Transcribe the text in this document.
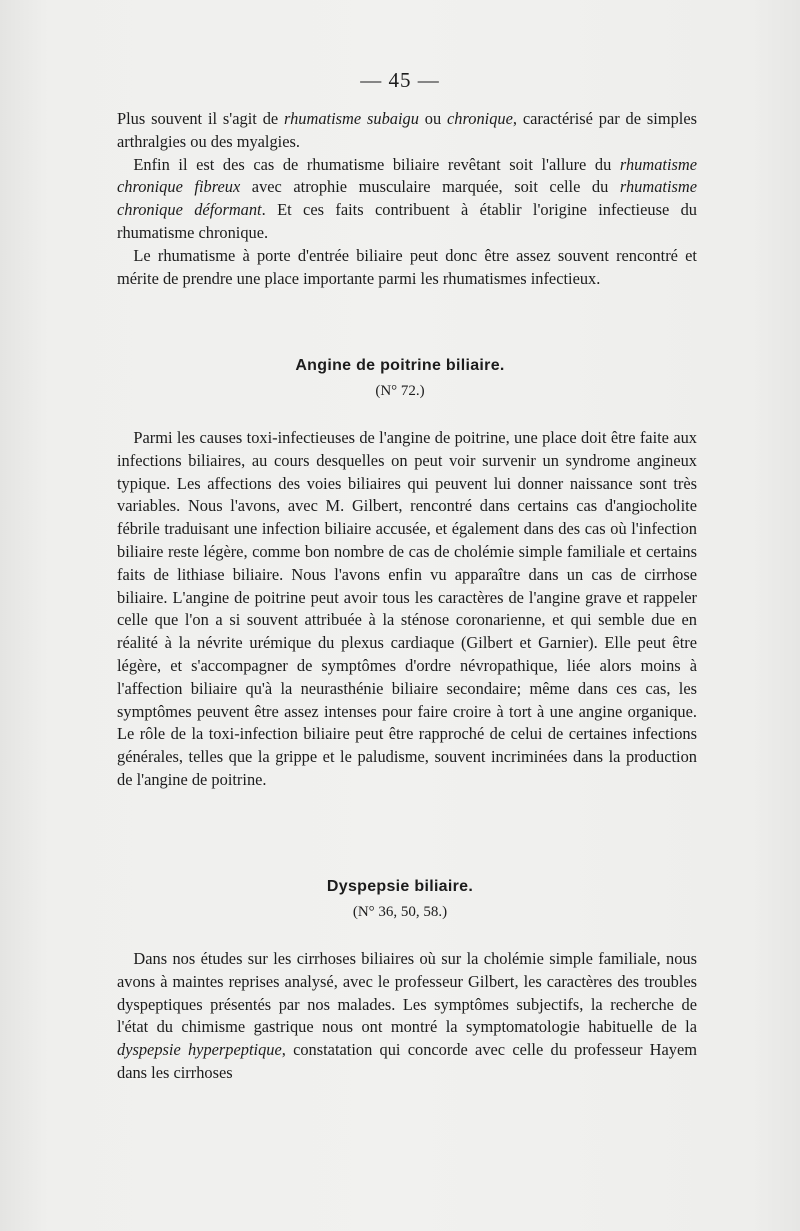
— 45 —

Plus souvent il s'agit de rhumatisme subaigu ou chronique, caractérisé par de simples arthralgies ou des myalgies.

 Enfin il est des cas de rhumatisme biliaire revêtant soit l'allure du rhumatisme chronique fibreux avec atrophie musculaire marquée, soit celle du rhumatisme chronique déformant. Et ces faits contribuent à établir l'origine infectieuse du rhumatisme chronique.

 Le rhumatisme à porte d'entrée biliaire peut donc être assez souvent rencontré et mérite de prendre une place importante parmi les rhumatismes infectieux.

Angine de poitrine biliaire.
(N° 72.)

 Parmi les causes toxi-infectieuses de l'angine de poitrine, une place doit être faite aux infections biliaires, au cours desquelles on peut voir survenir un syndrome angineux typique. Les affections des voies biliaires qui peuvent lui donner naissance sont très variables. Nous l'avons, avec M. Gilbert, rencontré dans certains cas d'angiocholite fébrile traduisant une infection biliaire accusée, et également dans des cas où l'infection biliaire reste légère, comme bon nombre de cas de cholémie simple familiale et certains faits de lithiase biliaire. Nous l'avons enfin vu apparaître dans un cas de cirrhose biliaire. L'angine de poitrine peut avoir tous les caractères de l'angine grave et rappeler celle que l'on a si souvent attribuée à la sténose coronarienne, et qui semble due en réalité à la névrite urémique du plexus cardiaque (Gilbert et Garnier). Elle peut être légère, et s'accompagner de symptômes d'ordre névropathique, liée alors moins à l'affection biliaire qu'à la neurasthénie biliaire secondaire; même dans ces cas, les symptômes peuvent être assez intenses pour faire croire à tort à une angine organique. Le rôle de la toxi-infection biliaire peut être rapproché de celui de certaines infections générales, telles que la grippe et le paludisme, souvent incriminées dans la production de l'angine de poitrine.

Dyspepsie biliaire.
(N° 36, 50, 58.)

 Dans nos études sur les cirrhoses biliaires où sur la cholémie simple familiale, nous avons à maintes reprises analysé, avec le professeur Gilbert, les caractères des troubles dyspeptiques présentés par nos malades. Les symptômes subjectifs, la recherche de l'état du chimisme gastrique nous ont montré la symptomatologie habituelle de la dyspepsie hyperpeptique, constatation qui concorde avec celle du professeur Hayem dans les cirrhoses
